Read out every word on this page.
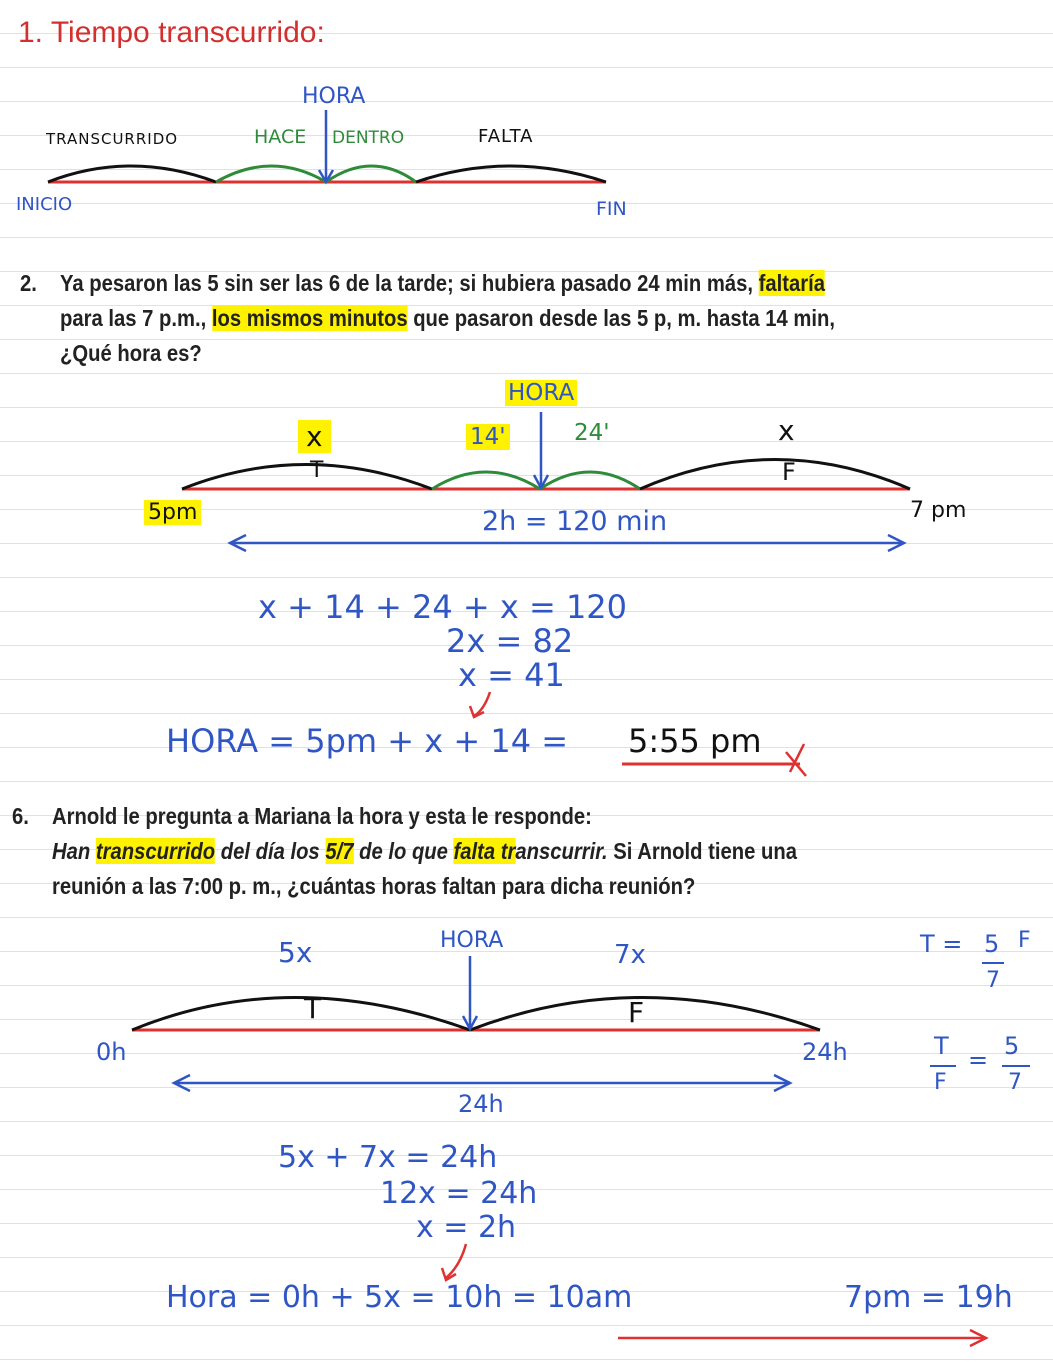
1. Tiempo transcurrido:
HORA
TRANSCURRIDO	HACE DENTRO	FALTA
INICIO	FIN
2. Ya pesaron las 5 sin ser las 6 de la tarde; si hubiera pasado 24 min más, faltaría
para las 7 p.m., los mismos minutos que pasaron desde las 5 p, m. hasta 14 min,
¿Qué hora es?
HORA
x	14'	24'	x
T	F
5pm	7 pm
2h = 120 min
x + 14 + 24 + x = 120
2x = 82
x = 41
HORA = 5pm + x + 14 = 5:55 pm
6. Arnold le pregunta a Mariana la hora y esta le responde:
Han transcurrido del día los 5/7 de lo que falta transcurrir. Si Arnold tiene una
reunión a las 7:00 p. m., ¿cuántas horas faltan para dicha reunión?
HORA
5x	7x
T	F
0h	24h
24h
T = 5
7
F
T
F
= 5
7
5x + 7x = 24h
12x = 24h
x = 2h
Hora = 0h + 5x = 10h = 10am	7pm = 19h
